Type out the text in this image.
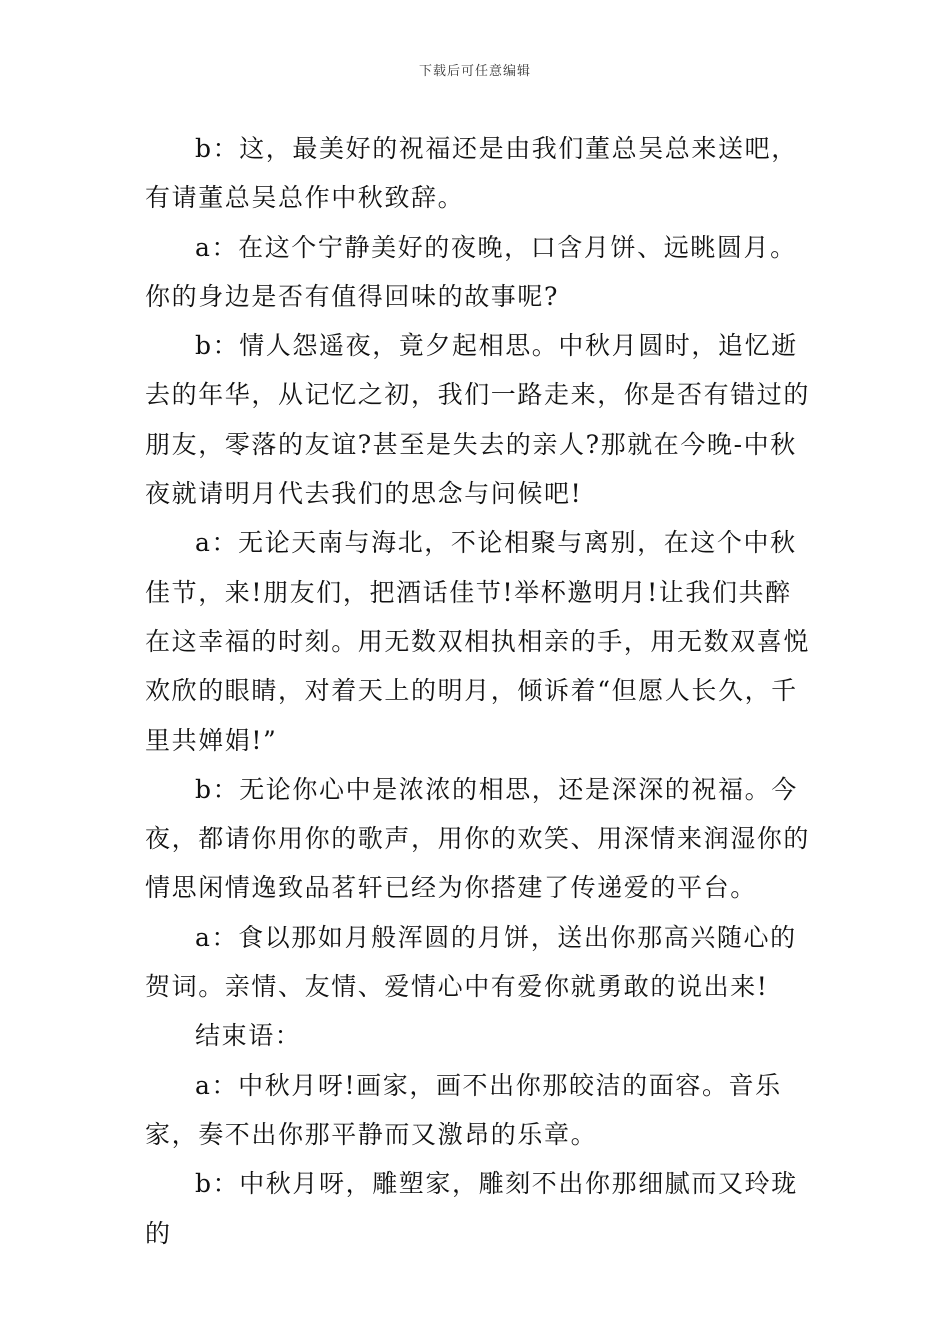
下载后可任意编辑

b：这，最美好的祝福还是由我们董总吴总来送吧，有请董总吴总作中秋致辞。

a：在这个宁静美好的夜晚，口含月饼、远眺圆月。你的身边是否有值得回味的故事呢?

b：情人怨遥夜，竟夕起相思。中秋月圆时，追忆逝去的年华，从记忆之初，我们一路走来，你是否有错过的朋友，零落的友谊?甚至是失去的亲人?那就在今晚-中秋夜就请明月代去我们的思念与问候吧!

a：无论天南与海北，不论相聚与离别，在这个中秋佳节，来!朋友们，把酒话佳节!举杯邀明月!让我们共醉在这幸福的时刻。用无数双相执相亲的手，用无数双喜悦欢欣的眼睛，对着天上的明月，倾诉着“但愿人长久，千里共婵娟!”

b：无论你心中是浓浓的相思，还是深深的祝福。今夜，都请你用你的歌声，用你的欢笑、用深情来润湿你的情思闲情逸致品茗轩已经为你搭建了传递爱的平台。

a：食以那如月般浑圆的月饼，送出你那高兴随心的贺词。亲情、友情、爱情心中有爱你就勇敢的说出来!

结束语：

a：中秋月呀!画家，画不出你那皎洁的面容。音乐家，奏不出你那平静而又激昂的乐章。

b：中秋月呀，雕塑家，雕刻不出你那细腻而又玲珑的
